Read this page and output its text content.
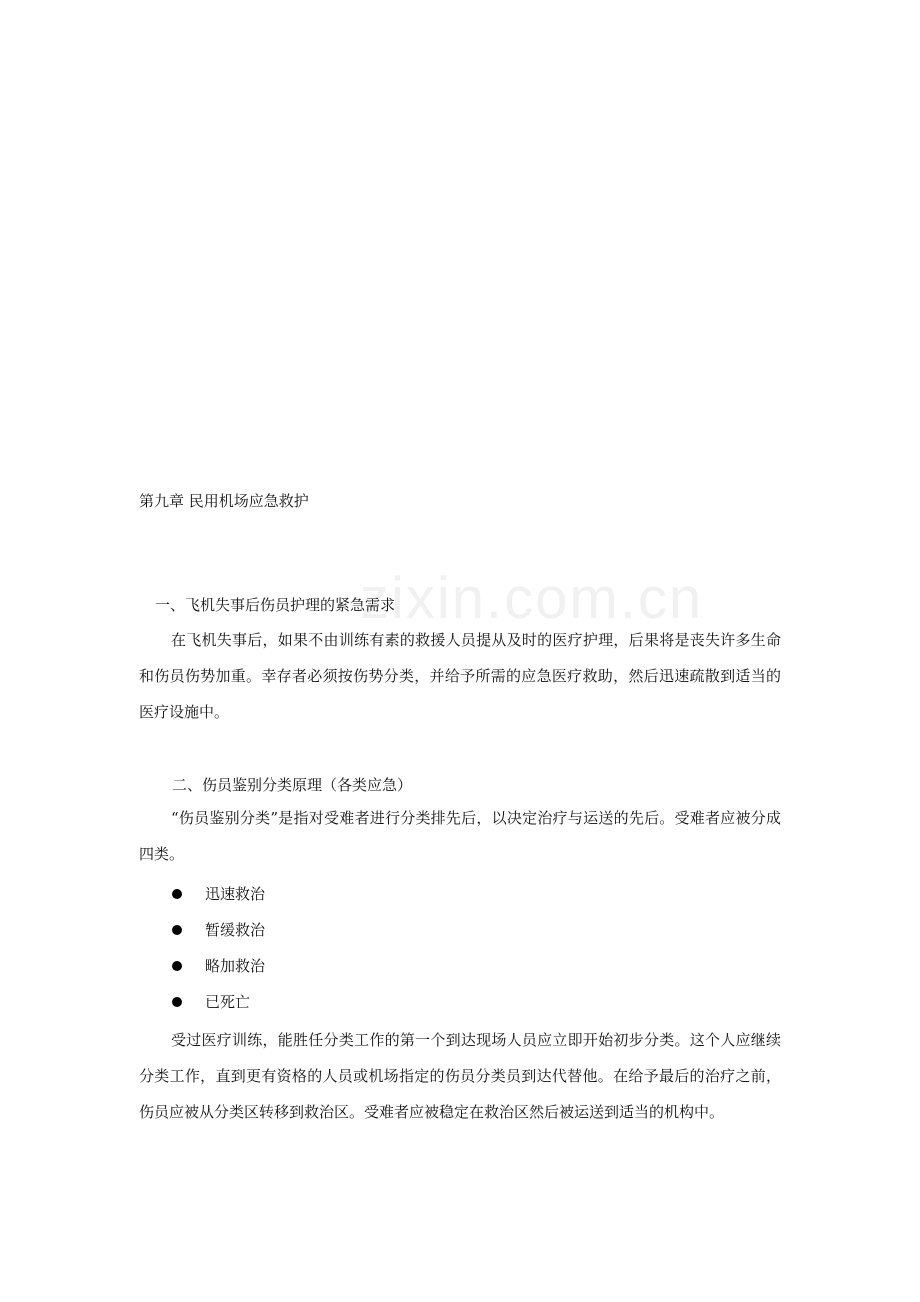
zixin.com.cn
第九章 民用机场应急救护
一、飞机失事后伤员护理的紧急需求

在飞机失事后，如果不由训练有素的救援人员提从及时的医疗护理，后果将是丧失许多生命和伤员伤势加重。幸存者必须按伤势分类，并给予所需的应急医疗救助，然后迅速疏散到适当的医疗设施中。

二、伤员鉴别分类原理（各类应急）

“伤员鉴别分类”是指对受难者进行分类排先后，以决定治疗与运送的先后。受难者应被分成四类。

迅速救治
暂缓救治
略加救治
已死亡

受过医疗训练，能胜任分类工作的第一个到达现场人员应立即开始初步分类。这个人应继续分类工作，直到更有资格的人员或机场指定的伤员分类员到达代替他。在给予最后的治疗之前，伤员应被从分类区转移到救治区。受难者应被稳定在救治区然后被运送到适当的机构中。
